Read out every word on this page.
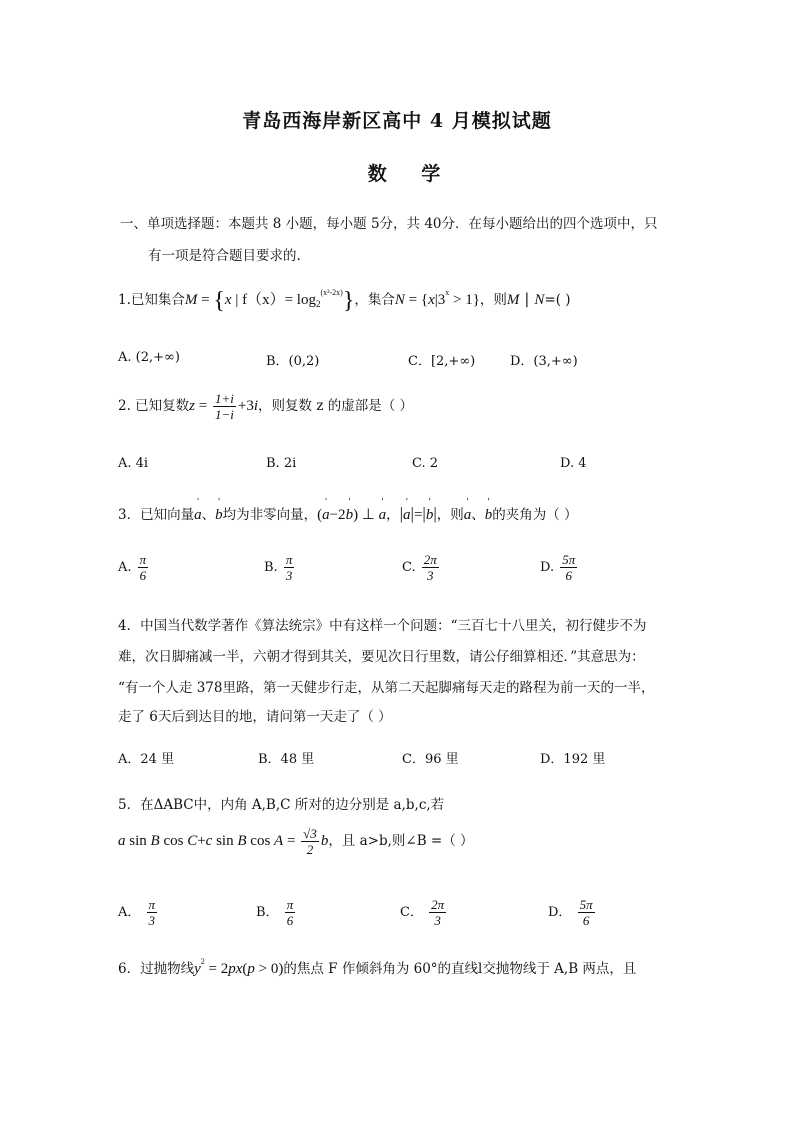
青岛西海岸新区高中 4 月模拟试题
数 学
一、单项选择题：本题共 8 小题，每小题 5分，共 40分．在每小题给出的四个选项中，只
有一项是符合题目要求的.
1.已知集合M = {x | $f(x)= \log_2^{(x^2-2x)}$}，集合$N = \{x|3^x > 1\}$，则M ∣ N=( )
A. (2,+∞)	B．(0,2)	C．[2,+∞)	D．(3,+∞)
2. 已知复数$z = \frac{1+i}{1-i} +3i$，则复数 z 的虚部是（ ）
A. 4i	B. 2i	C. 2	D. 4
3．已知向量' a、' b均为非零向量，(' a−2' b) ⊥ ' a，|' a|=|' b|，则' a、' b的夹角为（ ）
A. $\frac{\pi}{6}$	B. $\frac{\pi}{3}$	C. $\frac{2\pi}{3}$	D. $\frac{5\pi}{6}$
4．中国当代数学著作《算法统宗》中有这样一个问题：“三百七十八里关，初行健步不为
难，次日脚痛减一半，六朝才得到其关，要见次日行里数，请公仔细算相还．”其意思为：
“有一个人走 378里路，第一天健步行走，从第二天起脚痛每天走的路程为前一天的一半，
走了 6天后到达目的地，请问第一天走了（ ）
A．24 里	B．48 里	C．96 里	D．192 里
5．在ΔABC中，内角 A,B,C 所对的边分别是 a,b,c,若
a sin B cos C+c sin B $\cos A = \frac{√3}{2}$ b，且 a>b,则∠B =（ ）
A． $\frac{\pi}{3}$	B． $\frac{\pi}{6}$	C． $\frac{2\pi}{3}$	D． $\frac{5\pi}{6}$
6．过抛物线$y^2 = 2px(p > 0)$的焦点 F 作倾斜角为 60°的直线l交抛物线于 A,B 两点，且
